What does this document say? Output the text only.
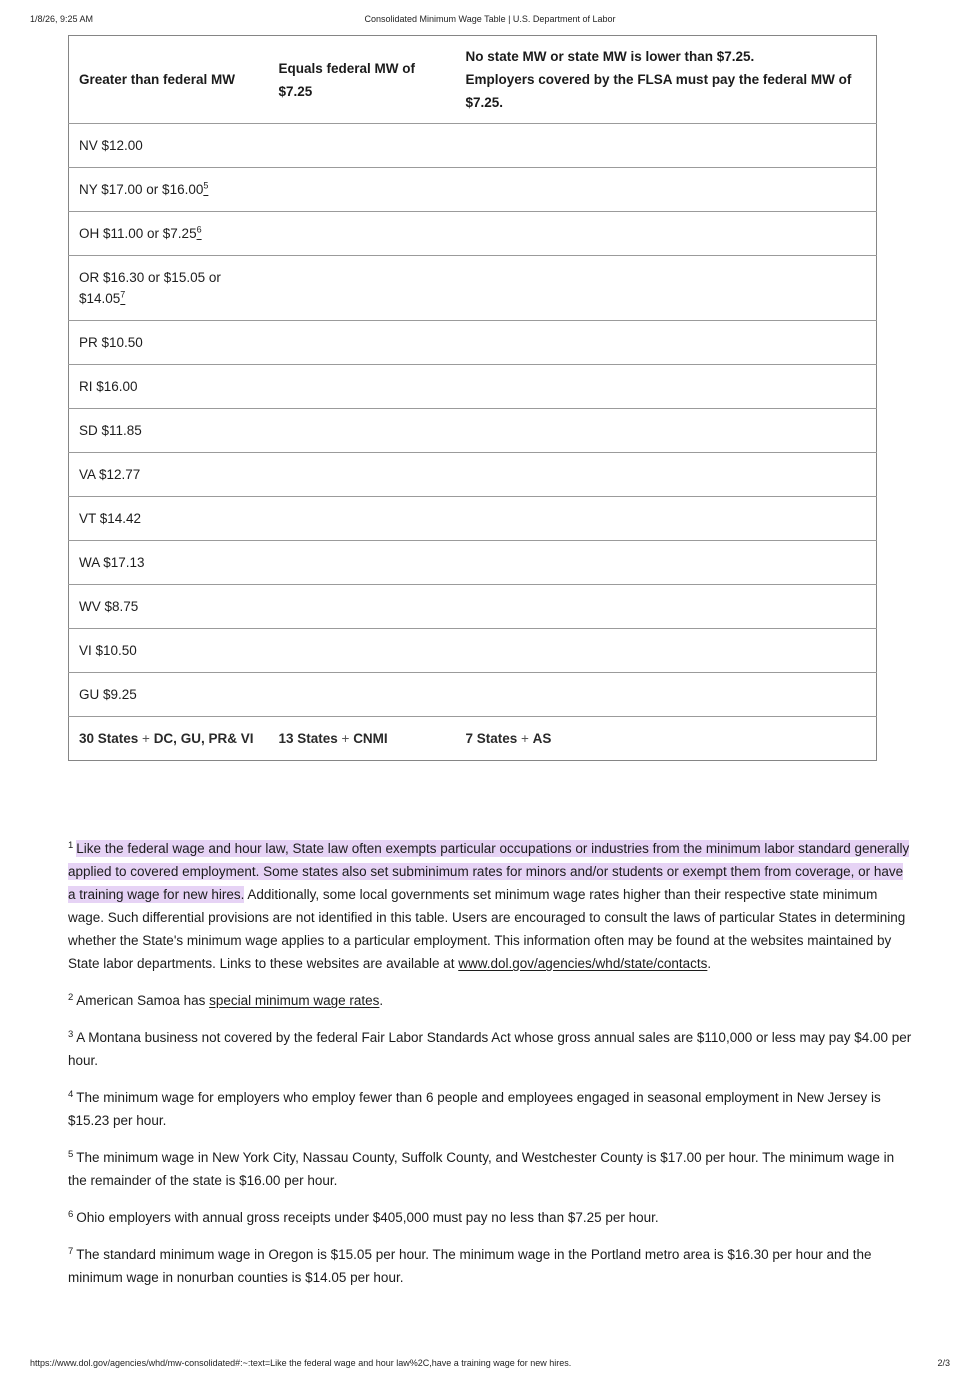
1/8/26, 9:25 AM	Consolidated Minimum Wage Table | U.S. Department of Labor
Greater than federal MW	Equals federal MW of $7.25	No state MW or state MW is lower than $7.25.
Employers covered by the FLSA must pay the federal MW of $7.25.

NV $12.00		
NY $17.00 or $16.00$^5$		
OH $11.00 or $7.25$^6$		
OR $16.30 or $15.05 or $14.05$^7$		
PR $10.50		
RI $16.00		
SD $11.85		
VA $12.77		
VT $14.42		
WA $17.13		
WV $8.75		
VI $10.50		
GU $9.25		
30 States + DC, GU, PR& VI	13 States + CNMI	7 States + AS

$^1$ Like the federal wage and hour law, State law often exempts particular occupations or industries from the minimum labor standard generally applied to covered employment. Some states also set subminimum rates for minors and/or students or exempt them from coverage, or have a training wage for new hires. Additionally, some local governments set minimum wage rates higher than their respective state minimum wage. Such differential provisions are not identified in this table. Users are encouraged to consult the laws of particular States in determining whether the State's minimum wage applies to a particular employment. This information often may be found at the websites maintained by State labor departments. Links to these websites are available at www.dol.gov/agencies/whd/state/contacts.

$^2$ American Samoa has special minimum wage rates.

$^3$ A Montana business not covered by the federal Fair Labor Standards Act whose gross annual sales are $110,000 or less may pay $4.00 per hour.

$^4$ The minimum wage for employers who employ fewer than 6 people and employees engaged in seasonal employment in New Jersey is $15.23 per hour.

$^5$ The minimum wage in New York City, Nassau County, Suffolk County, and Westchester County is $17.00 per hour. The minimum wage in the remainder of the state is $16.00 per hour.

$^6$ Ohio employers with annual gross receipts under $405,000 must pay no less than $7.25 per hour.

$^7$ The standard minimum wage in Oregon is $15.05 per hour. The minimum wage in the Portland metro area is $16.30 per hour and the minimum wage in nonurban counties is $14.05 per hour.

https://www.dol.gov/agencies/whd/mw-consolidated#:~:text=Like the federal wage and hour law%2C,have a training wage for new hires.	2/3
